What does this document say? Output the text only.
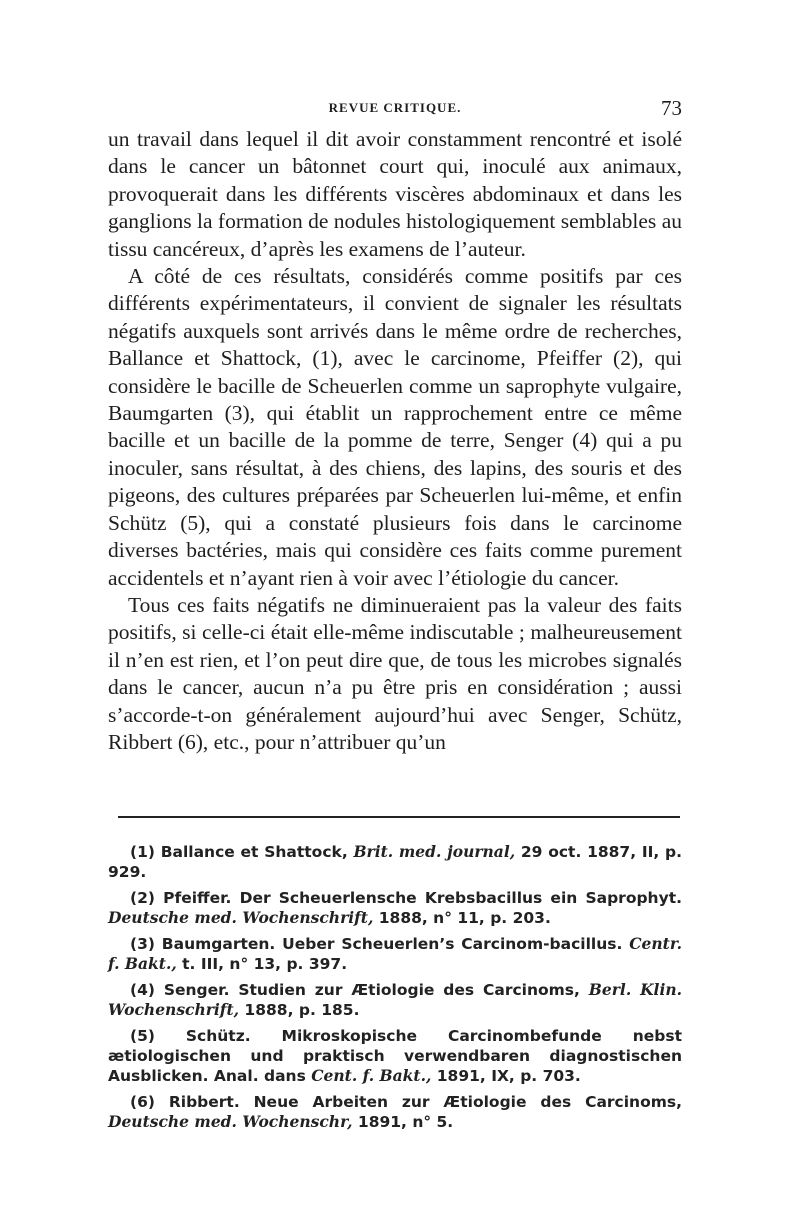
REVUE CRITIQUE.	73

un travail dans lequel il dit avoir constamment rencontré et isolé dans le cancer un bâtonnet court qui, inoculé aux animaux, provoquerait dans les différents viscères abdominaux et dans les ganglions la formation de nodules histologiquement semblables au tissu cancéreux, d’après les examens de l’auteur.

A côté de ces résultats, considérés comme positifs par ces différents expérimentateurs, il convient de signaler les résultats négatifs auxquels sont arrivés dans le même ordre de recherches, Ballance et Shattock, (1), avec le carcinome, Pfeiffer (2), qui considère le bacille de Scheuerlen comme un saprophyte vulgaire, Baumgarten (3), qui établit un rapprochement entre ce même bacille et un bacille de la pomme de terre, Senger (4) qui a pu inoculer, sans résultat, à des chiens, des lapins, des souris et des pigeons, des cultures préparées par Scheuerlen lui-même, et enfin Schütz (5), qui a constaté plusieurs fois dans le carcinome diverses bactéries, mais qui considère ces faits comme purement accidentels et n’ayant rien à voir avec l’étiologie du cancer.

Tous ces faits négatifs ne diminueraient pas la valeur des faits positifs, si celle-ci était elle-même indiscutable ; malheureusement il n’en est rien, et l’on peut dire que, de tous les microbes signalés dans le cancer, aucun n’a pu être pris en considération ; aussi s’accorde-t-on généralement aujourd’hui avec Senger, Schütz, Ribbert (6), etc., pour n’attribuer qu’un

(1) Ballance et Shattock, Brit. med. journal, 29 oct. 1887, II, p. 929.

(2) Pfeiffer. Der Scheuerlensche Krebsbacillus ein Saprophyt. Deutsche med. Wochenschrift, 1888, n° 11, p. 203.

(3) Baumgarten. Ueber Scheuerlen’s Carcinom-bacillus. Centr. f. Bakt., t. III, n° 13, p. 397.

(4) Senger. Studien zur Ætiologie des Carcinoms, Berl. Klin. Wochenschrift, 1888, p. 185.

(5) Schütz. Mikroskopische Carcinombefunde nebst ætiologischen und praktisch verwendbaren diagnostischen Ausblicken. Anal. dans Cent. f. Bakt., 1891, IX, p. 703.

(6) Ribbert. Neue Arbeiten zur Ætiologie des Carcinoms, Deutsche med. Wochenschr, 1891, n° 5.
